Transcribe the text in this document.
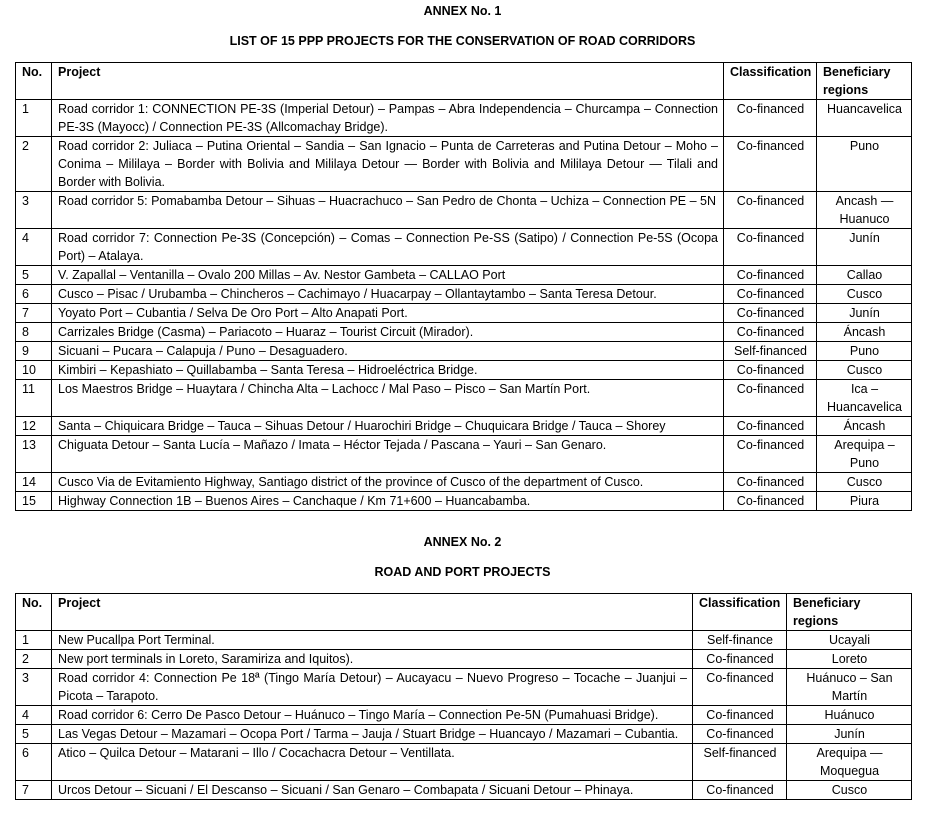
ANNEX No. 1
LIST OF 15 PPP PROJECTS FOR THE CONSERVATION OF ROAD CORRIDORS
No.	Project	Classification	Beneficiary regions
1	Road corridor 1: CONNECTION PE-3S (Imperial Detour) – Pampas – Abra Independencia – Churcampa – Connection PE-3S (Mayocc) / Connection PE-3S (Allcomachay Bridge).	Co-financed	Huancavelica
2	Road corridor 2: Juliaca – Putina Oriental – Sandia – San Ignacio – Punta de Carreteras and Putina Detour – Moho – Conima – Mililaya – Border with Bolivia and Mililaya Detour — Border with Bolivia and Mililaya Detour — Tilali and Border with Bolivia.	Co-financed	Puno
3	Road corridor 5: Pomabamba Detour – Sihuas – Huacrachuco – San Pedro de Chonta – Uchiza – Connection PE – 5N	Co-financed	Ancash — Huanuco
4	Road corridor 7: Connection Pe-3S (Concepción) – Comas – Connection Pe-SS (Satipo) / Connection Pe-5S (Ocopa Port) – Atalaya.	Co-financed	Junín
5	V. Zapallal – Ventanilla – Ovalo 200 Millas – Av. Nestor Gambeta – CALLAO Port	Co-financed	Callao
6	Cusco – Pisac / Urubamba – Chincheros – Cachimayo / Huacarpay – Ollantaytambo – Santa Teresa Detour.	Co-financed	Cusco
7	Yoyato Port – Cubantia / Selva De Oro Port – Alto Anapati Port.	Co-financed	Junín
8	Carrizales Bridge (Casma) – Pariacoto – Huaraz – Tourist Circuit (Mirador).	Co-financed	Áncash
9	Sicuani – Pucara – Calapuja / Puno – Desaguadero.	Self-financed	Puno
10	Kimbiri – Kepashiato – Quillabamba – Santa Teresa – Hidroeléctrica Bridge.	Co-financed	Cusco
11	Los Maestros Bridge – Huaytara / Chincha Alta – Lachocc / Mal Paso – Pisco – San Martín Port.	Co-financed	Ica – Huancavelica
12	Santa – Chiquicara Bridge – Tauca – Sihuas Detour / Huarochiri Bridge – Chuquicara Bridge / Tauca – Shorey	Co-financed	Áncash
13	Chiguata Detour – Santa Lucía – Mañazo / Imata – Héctor Tejada / Pascana – Yauri – San Genaro.	Co-financed	Arequipa – Puno
14	Cusco Via de Evitamiento Highway, Santiago district of the province of Cusco of the department of Cusco.	Co-financed	Cusco
15	Highway Connection 1B – Buenos Aires – Canchaque / Km 71+600 – Huancabamba.	Co-financed	Piura
ANNEX No. 2
ROAD AND PORT PROJECTS
No.	Project	Classification	Beneficiary regions
1	New Pucallpa Port Terminal.	Self-finance	Ucayali
2	New port terminals in Loreto, Saramiriza and Iquitos).	Co-financed	Loreto
3	Road corridor 4: Connection Pe 18ª (Tingo María Detour) – Aucayacu – Nuevo Progreso – Tocache – Juanjui – Picota – Tarapoto.	Co-financed	Huánuco – San Martín
4	Road corridor 6: Cerro De Pasco Detour – Huánuco – Tingo María – Connection Pe-5N (Pumahuasi Bridge).	Co-financed	Huánuco
5	Las Vegas Detour – Mazamari – Ocopa Port / Tarma – Jauja / Stuart Bridge – Huancayo / Mazamari – Cubantia.	Co-financed	Junín
6	Atico – Quilca Detour – Matarani – Illo / Cocachacra Detour – Ventillata.	Self-financed	Arequipa — Moquegua
7	Urcos Detour – Sicuani / El Descanso – Sicuani / San Genaro – Combapata / Sicuani Detour – Phinaya.	Co-financed	Cusco
